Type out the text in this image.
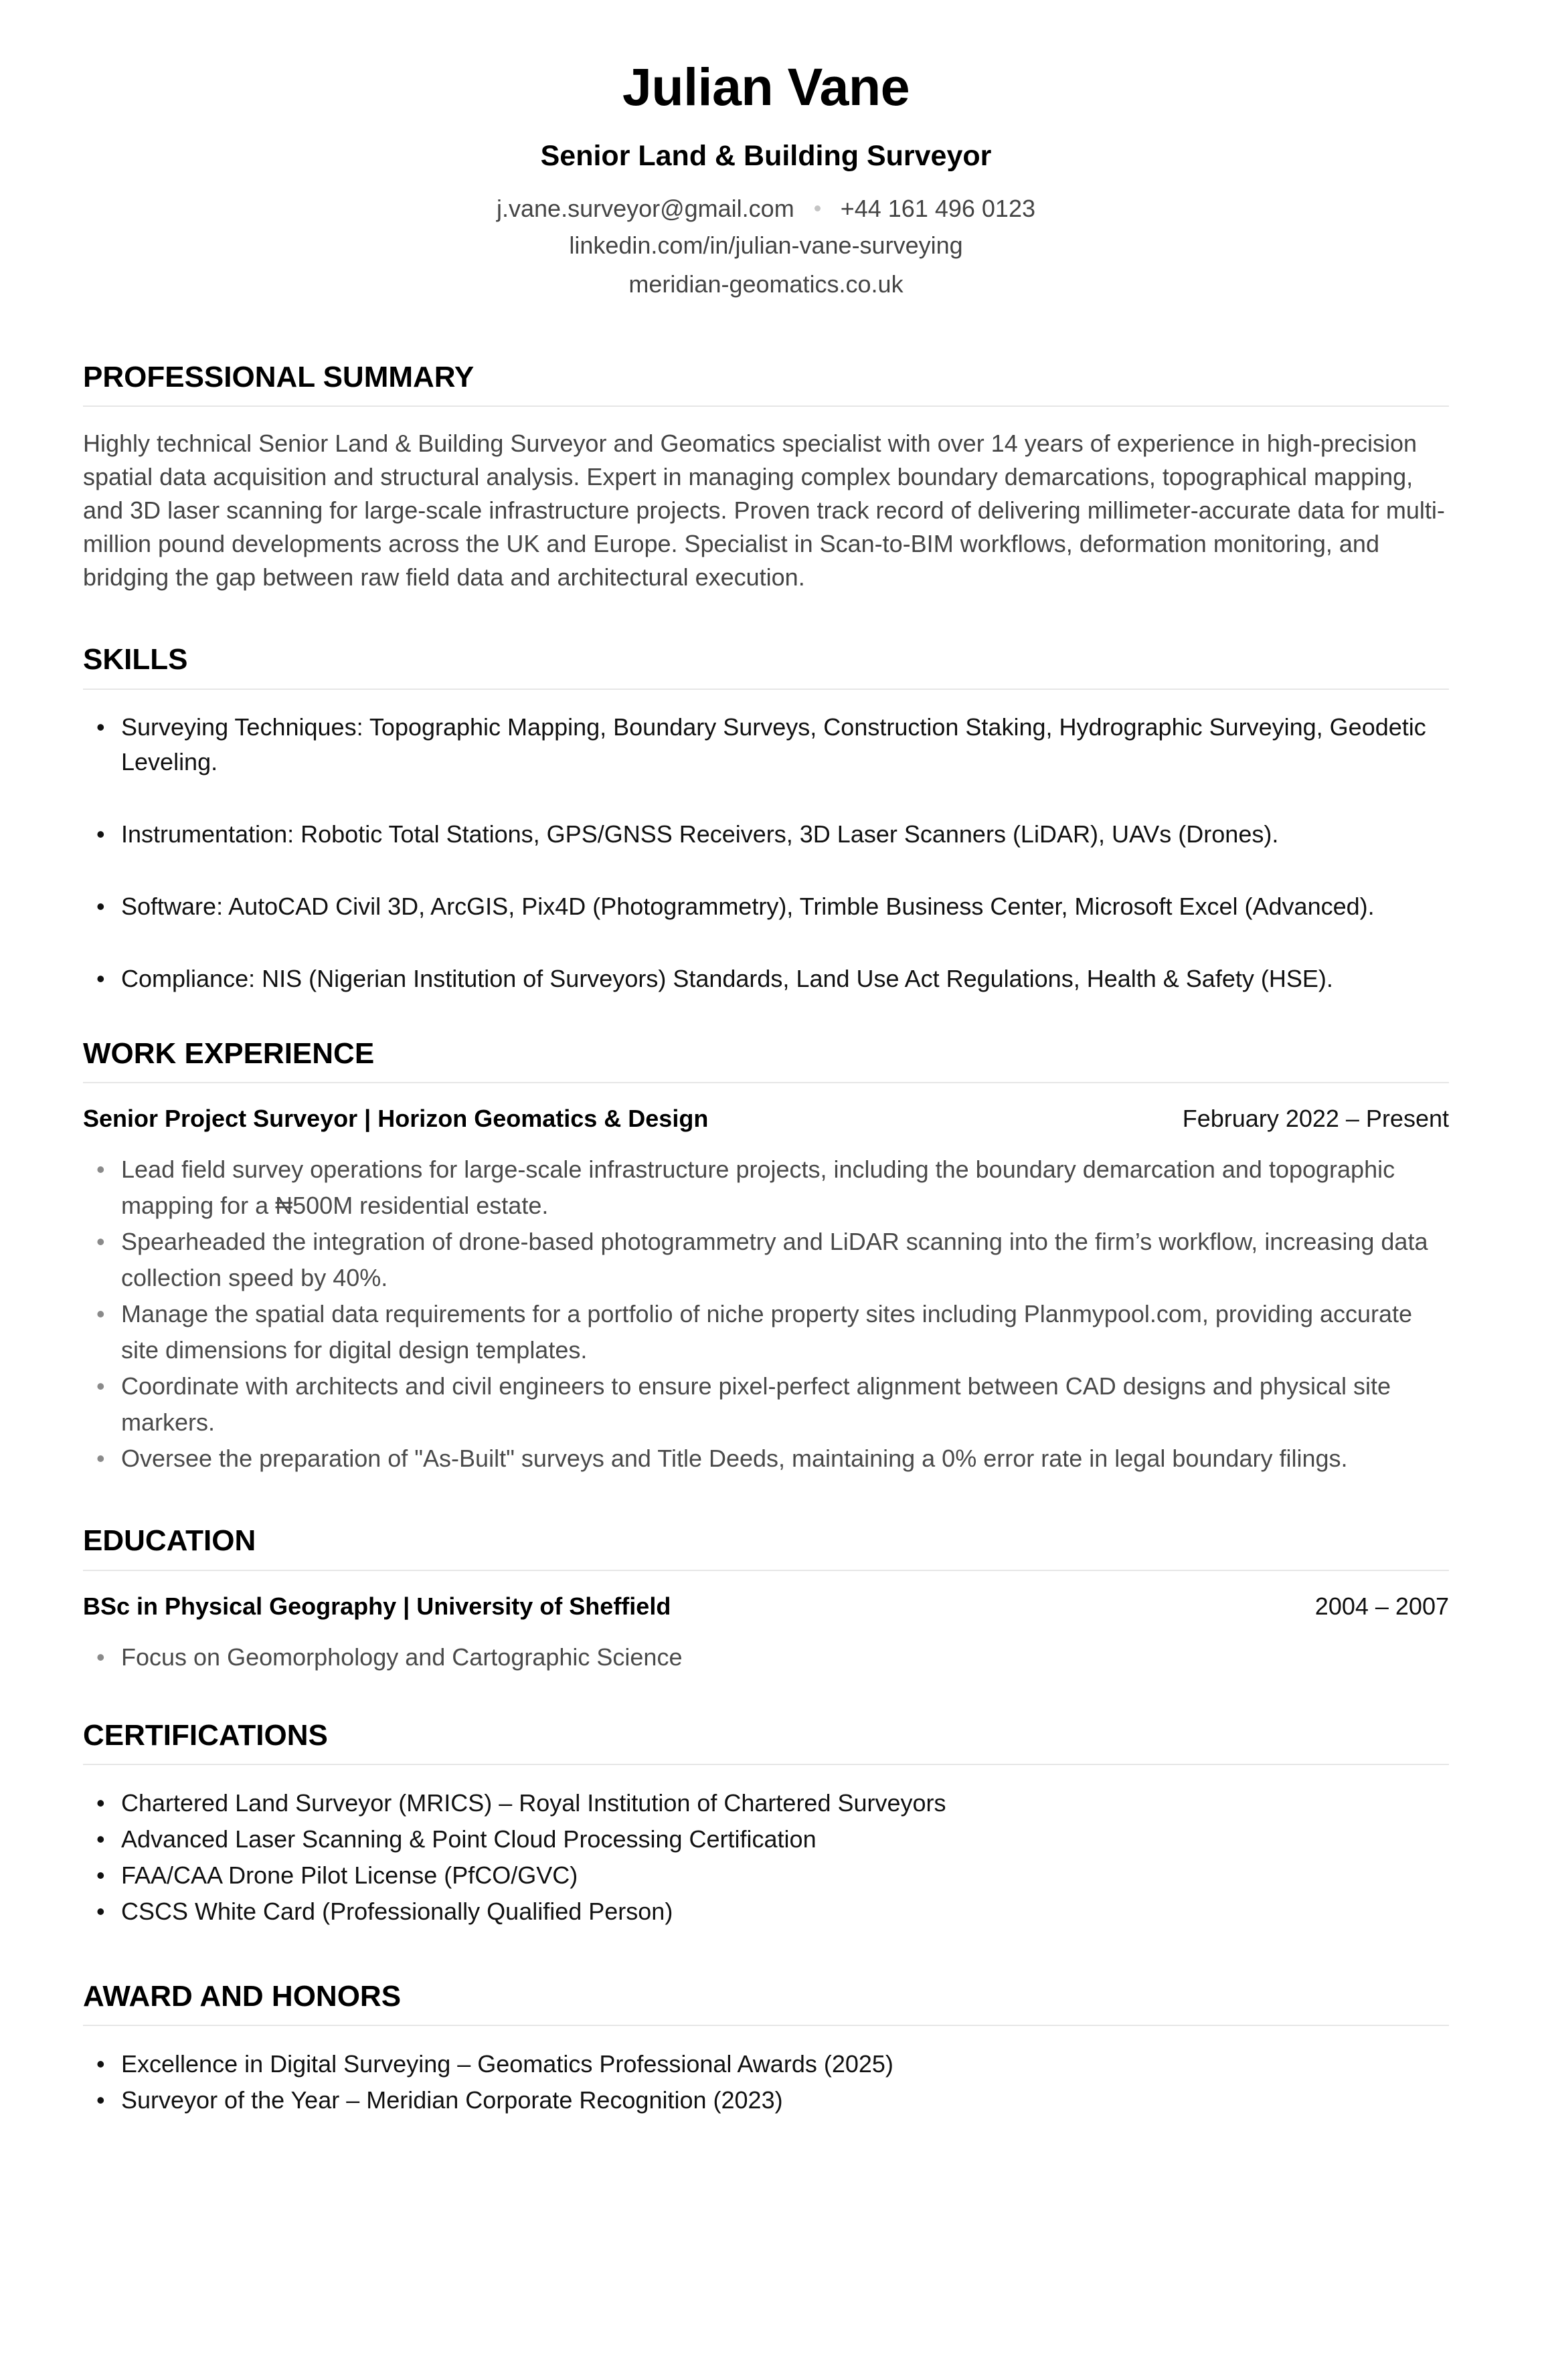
Julian Vane
Senior Land & Building Surveyor
j.vane.surveyor@gmail.com +44 161 496 0123
linkedin.com/in/julian-vane-surveying
meridian-geomatics.co.uk
PROFESSIONAL SUMMARY

Highly technical Senior Land & Building Surveyor and Geomatics specialist with over 14 years of experience in high-precision spatial data acquisition and structural analysis. Expert in managing complex boundary demarcations, topographical mapping, and 3D laser scanning for large-scale infrastructure projects. Proven track record of delivering millimeter-accurate data for multi-million pound developments across the UK and Europe. Specialist in Scan-to-BIM workflows, deformation monitoring, and bridging the gap between raw field data and architectural execution.

SKILLS
• Surveying Techniques: Topographic Mapping, Boundary Surveys, Construction Staking, Hydrographic Surveying, Geodetic Leveling.
• Instrumentation: Robotic Total Stations, GPS/GNSS Receivers, 3D Laser Scanners (LiDAR), UAVs (Drones).
• Software: AutoCAD Civil 3D, ArcGIS, Pix4D (Photogrammetry), Trimble Business Center, Microsoft Excel (Advanced).
• Compliance: NIS (Nigerian Institution of Surveyors) Standards, Land Use Act Regulations, Health & Safety (HSE).
WORK EXPERIENCE
Senior Project Surveyor | Horizon Geomatics & Design	February 2022 – Present
• Lead field survey operations for large-scale infrastructure projects, including the boundary demarcation and topographic mapping for a ₦500M residential estate.
• Spearheaded the integration of drone-based photogrammetry and LiDAR scanning into the firm’s workflow, increasing data collection speed by 40%.
• Manage the spatial data requirements for a portfolio of niche property sites including Planmypool.com, providing accurate site dimensions for digital design templates.
• Coordinate with architects and civil engineers to ensure pixel-perfect alignment between CAD designs and physical site markers.
• Oversee the preparation of "As-Built" surveys and Title Deeds, maintaining a 0% error rate in legal boundary filings.
EDUCATION
BSc in Physical Geography | University of Sheffield	2004 – 2007
• Focus on Geomorphology and Cartographic Science
CERTIFICATIONS
• Chartered Land Surveyor (MRICS) – Royal Institution of Chartered Surveyors
• Advanced Laser Scanning & Point Cloud Processing Certification
• FAA/CAA Drone Pilot License (PfCO/GVC)
• CSCS White Card (Professionally Qualified Person)
AWARD AND HONORS
• Excellence in Digital Surveying – Geomatics Professional Awards (2025)
• Surveyor of the Year – Meridian Corporate Recognition (2023)
